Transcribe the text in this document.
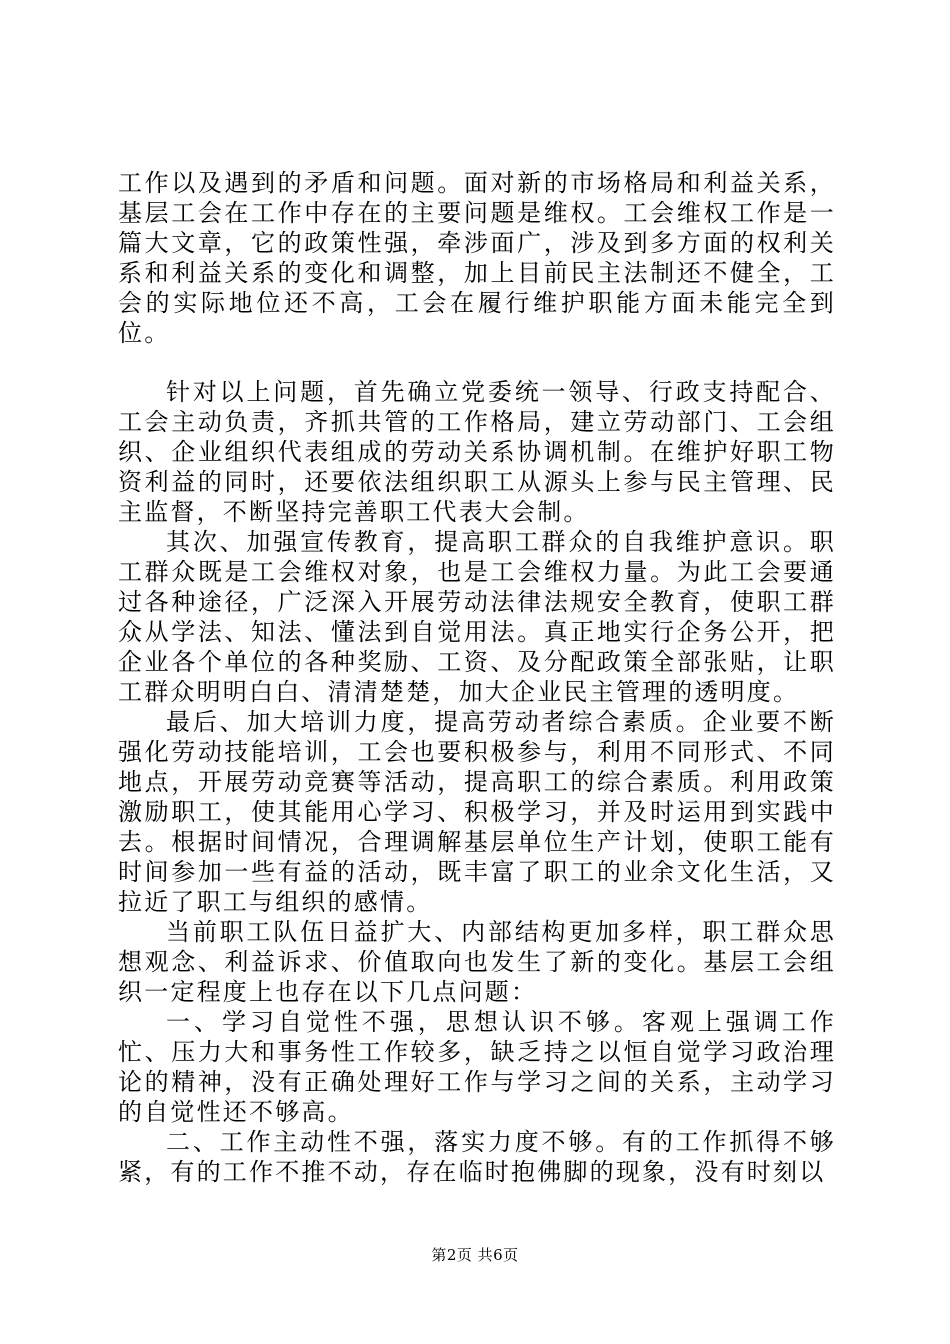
工作以及遇到的矛盾和问题。面对新的市场格局和利益关系，基层工会在工作中存在的主要问题是维权。工会维权工作是一篇大文章，它的政策性强，牵涉面广，涉及到多方面的权利关系和利益关系的变化和调整，加上目前民主法制还不健全，工会的实际地位还不高，工会在履行维护职能方面未能完全到位。

针对以上问题，首先确立党委统一领导、行政支持配合、工会主动负责，齐抓共管的工作格局，建立劳动部门、工会组织、企业组织代表组成的劳动关系协调机制。在维护好职工物资利益的同时，还要依法组织职工从源头上参与民主管理、民主监督，不断坚持完善职工代表大会制。

其次、加强宣传教育，提高职工群众的自我维护意识。职工群众既是工会维权对象，也是工会维权力量。为此工会要通过各种途径，广泛深入开展劳动法律法规安全教育，使职工群众从学法、知法、懂法到自觉用法。真正地实行企务公开，把企业各个单位的各种奖励、工资、及分配政策全部张贴，让职工群众明明白白、清清楚楚，加大企业民主管理的透明度。

最后、加大培训力度，提高劳动者综合素质。企业要不断强化劳动技能培训，工会也要积极参与，利用不同形式、不同地点，开展劳动竞赛等活动，提高职工的综合素质。利用政策激励职工，使其能用心学习、积极学习，并及时运用到实践中去。根据时间情况，合理调解基层单位生产计划，使职工能有时间参加一些有益的活动，既丰富了职工的业余文化生活，又拉近了职工与组织的感情。

当前职工队伍日益扩大、内部结构更加多样，职工群众思想观念、利益诉求、价值取向也发生了新的变化。基层工会组织一定程度上也存在以下几点问题：

一、学习自觉性不强，思想认识不够。客观上强调工作忙、压力大和事务性工作较多，缺乏持之以恒自觉学习政治理论的精神，没有正确处理好工作与学习之间的关系，主动学习的自觉性还不够高。

二、工作主动性不强，落实力度不够。有的工作抓得不够紧，有的工作不推不动，存在临时抱佛脚的现象，没有时刻以

第2页 共6页
